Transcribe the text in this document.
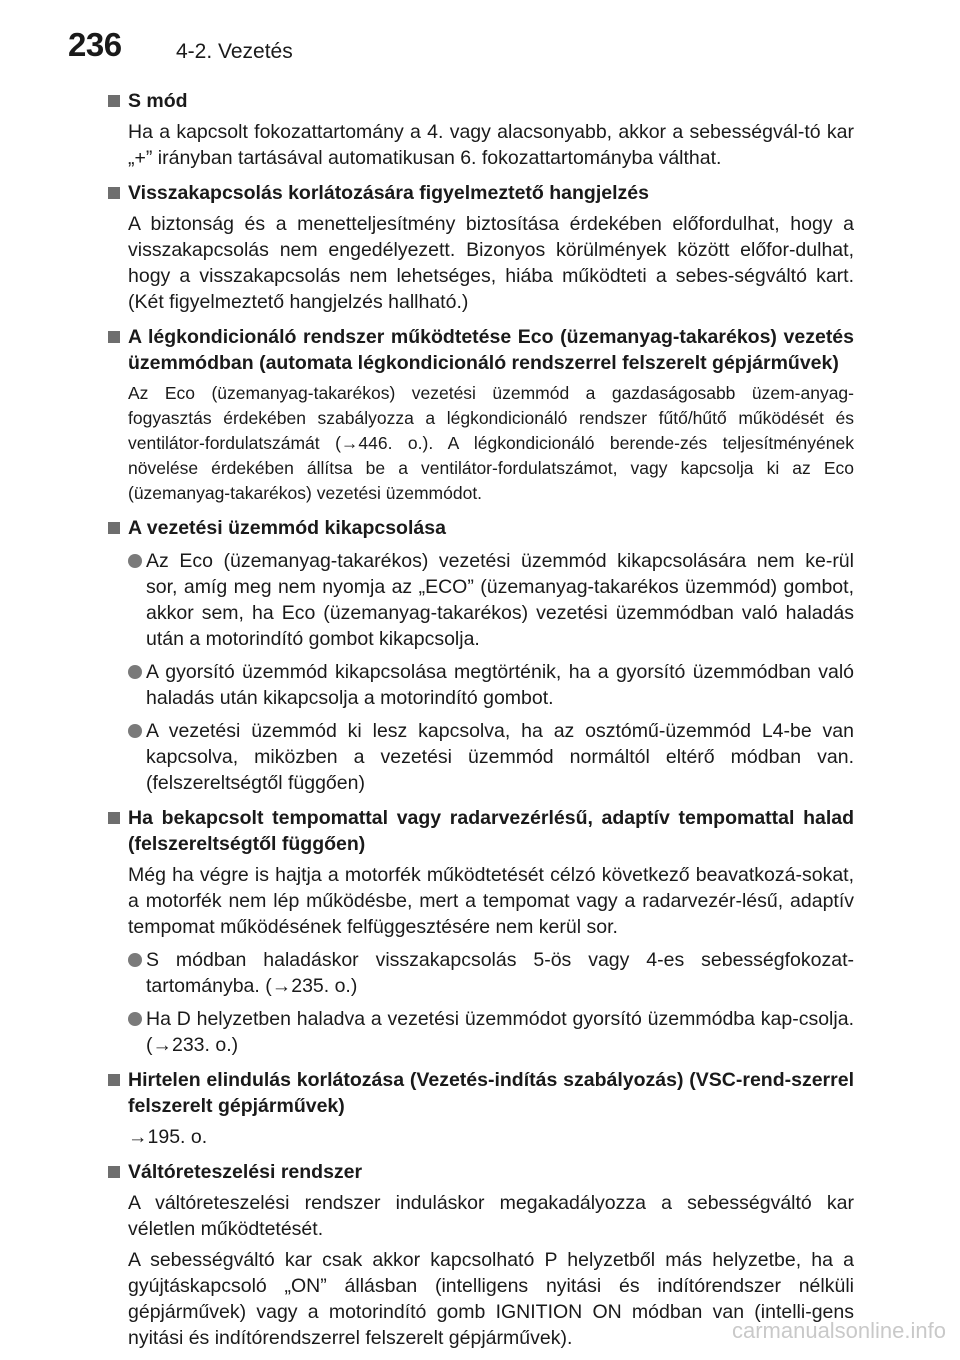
236	4-2. Vezetés
S mód
Ha a kapcsolt fokozattartomány a 4. vagy alacsonyabb, akkor a sebességvál-tó kar „+” irányban tartásával automatikusan 6. fokozattartományba válthat.
Visszakapcsolás korlátozására figyelmeztető hangjelzés
A biztonság és a menetteljesítmény biztosítása érdekében előfordulhat, hogy a visszakapcsolás nem engedélyezett. Bizonyos körülmények között előfor-dulhat, hogy a visszakapcsolás nem lehetséges, hiába működteti a sebes-ségváltó kart. (Két figyelmeztető hangjelzés hallható.)
A légkondicionáló rendszer működtetése Eco (üzemanyag-takarékos) vezetés üzemmódban (automata légkondicionáló rendszerrel felszerelt gépjárművek)
Az Eco (üzemanyag-takarékos) vezetési üzemmód a gazdaságosabb üzem-anyag-fogyasztás érdekében szabályozza a légkondicionáló rendszer fűtő/hűtő működését és ventilátor-fordulatszámát (→446. o.). A légkondicionáló berende-zés teljesítményének növelése érdekében állítsa be a ventilátor-fordulatszámot, vagy kapcsolja ki az Eco (üzemanyag-takarékos) vezetési üzemmódot.
A vezetési üzemmód kikapcsolása
Az Eco (üzemanyag-takarékos) vezetési üzemmód kikapcsolására nem ke-rül sor, amíg meg nem nyomja az „ECO” (üzemanyag-takarékos üzemmód) gombot, akkor sem, ha Eco (üzemanyag-takarékos) vezetési üzemmódban való haladás után a motorindító gombot kikapcsolja.
A gyorsító üzemmód kikapcsolása megtörténik, ha a gyorsító üzemmódban való haladás után kikapcsolja a motorindító gombot.
A vezetési üzemmód ki lesz kapcsolva, ha az osztómű-üzemmód L4-be van kapcsolva, miközben a vezetési üzemmód normáltól eltérő módban van. (felszereltségtől függően)
Ha bekapcsolt tempomattal vagy radarvezérlésű, adaptív tempomattal halad (felszereltségtől függően)
Még ha végre is hajtja a motorfék működtetését célzó következő beavatkozá-sokat, a motorfék nem lép működésbe, mert a tempomat vagy a radarvezér-lésű, adaptív tempomat működésének felfüggesztésére nem kerül sor.
S módban haladáskor visszakapcsolás 5-ös vagy 4-es sebességfokozat-tartományba. (→235. o.)
Ha D helyzetben haladva a vezetési üzemmódot gyorsító üzemmódba kap-csolja. (→233. o.)
Hirtelen elindulás korlátozása (Vezetés-indítás szabályozás) (VSC-rend-szerrel felszerelt gépjárművek)
→195. o.
Váltóreteszelési rendszer
A váltóreteszelési rendszer induláskor megakadályozza a sebességváltó kar véletlen működtetését.
A sebességváltó kar csak akkor kapcsolható P helyzetből más helyzetbe, ha a gyújtáskapcsoló „ON” állásban (intelligens nyitási és indítórendszer nélküli gépjárművek) vagy a motorindító gomb IGNITION ON módban van (intelli-gens nyitási és indítórendszerrel felszerelt gépjárművek).	carmanualsonline.info
